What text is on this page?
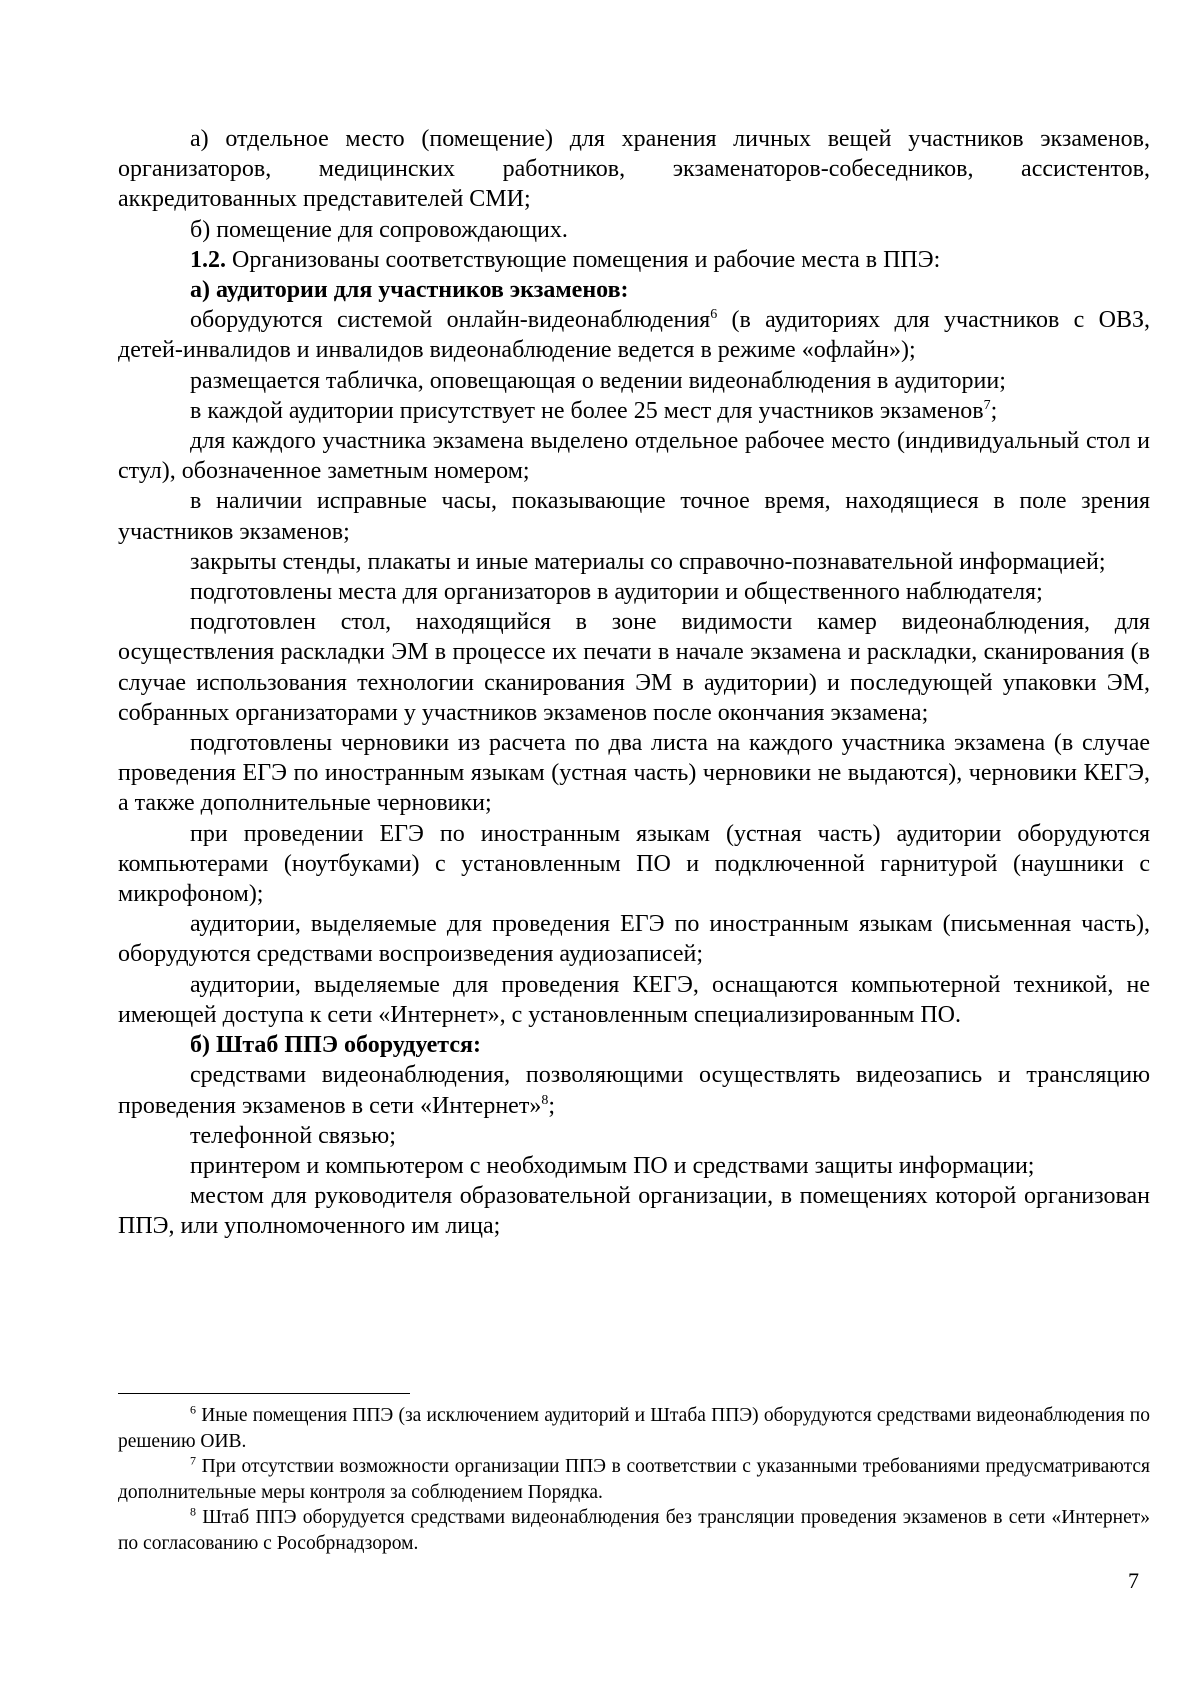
а) отдельное место (помещение) для хранения личных вещей участников экзаменов, организаторов, медицинских работников, экзаменаторов-собеседников, ассистентов, аккредитованных представителей СМИ;

б) помещение для сопровождающих.

1.2. Организованы соответствующие помещения и рабочие места в ППЭ:

а) аудитории для участников экзаменов:

оборудуются системой онлайн-видеонаблюдения$^6$ (в аудиториях для участников с ОВЗ, детей-инвалидов и инвалидов видеонаблюдение ведется в режиме «офлайн»);

размещается табличка, оповещающая о ведении видеонаблюдения в аудитории;

в каждой аудитории присутствует не более 25 мест для участников экзаменов$^7$;

для каждого участника экзамена выделено отдельное рабочее место (индивидуальный стол и стул), обозначенное заметным номером;

в наличии исправные часы, показывающие точное время, находящиеся в поле зрения участников экзаменов;

закрыты стенды, плакаты и иные материалы со справочно-познавательной информацией;

подготовлены места для организаторов в аудитории и общественного наблюдателя;

подготовлен стол, находящийся в зоне видимости камер видеонаблюдения, для осуществления раскладки ЭМ в процессе их печати в начале экзамена и раскладки, сканирования (в случае использования технологии сканирования ЭМ в аудитории) и последующей упаковки ЭМ, собранных организаторами у участников экзаменов после окончания экзамена;

подготовлены черновики из расчета по два листа на каждого участника экзамена (в случае проведения ЕГЭ по иностранным языкам (устная часть) черновики не выдаются), черновики КЕГЭ, а также дополнительные черновики;

при проведении ЕГЭ по иностранным языкам (устная часть) аудитории оборудуются компьютерами (ноутбуками) с установленным ПО и подключенной гарнитурой (наушники с микрофоном);

аудитории, выделяемые для проведения ЕГЭ по иностранным языкам (письменная часть), оборудуются средствами воспроизведения аудиозаписей;

аудитории, выделяемые для проведения КЕГЭ, оснащаются компьютерной техникой, не имеющей доступа к сети «Интернет», с установленным специализированным ПО.

б) Штаб ППЭ оборудуется:

средствами видеонаблюдения, позволяющими осуществлять видеозапись и трансляцию проведения экзаменов в сети «Интернет»$^8$;

телефонной связью;

принтером и компьютером с необходимым ПО и средствами защиты информации;

местом для руководителя образовательной организации, в помещениях которой организован ППЭ, или уполномоченного им лица;

$^6$ Иные помещения ППЭ (за исключением аудиторий и Штаба ППЭ) оборудуются средствами видеонаблюдения по решению ОИВ.

$^7$ При отсутствии возможности организации ППЭ в соответствии с указанными требованиями предусматриваются дополнительные меры контроля за соблюдением Порядка.

$^8$ Штаб ППЭ оборудуется средствами видеонаблюдения без трансляции проведения экзаменов в сети «Интернет» по согласованию с Рособрнадзором.

7
